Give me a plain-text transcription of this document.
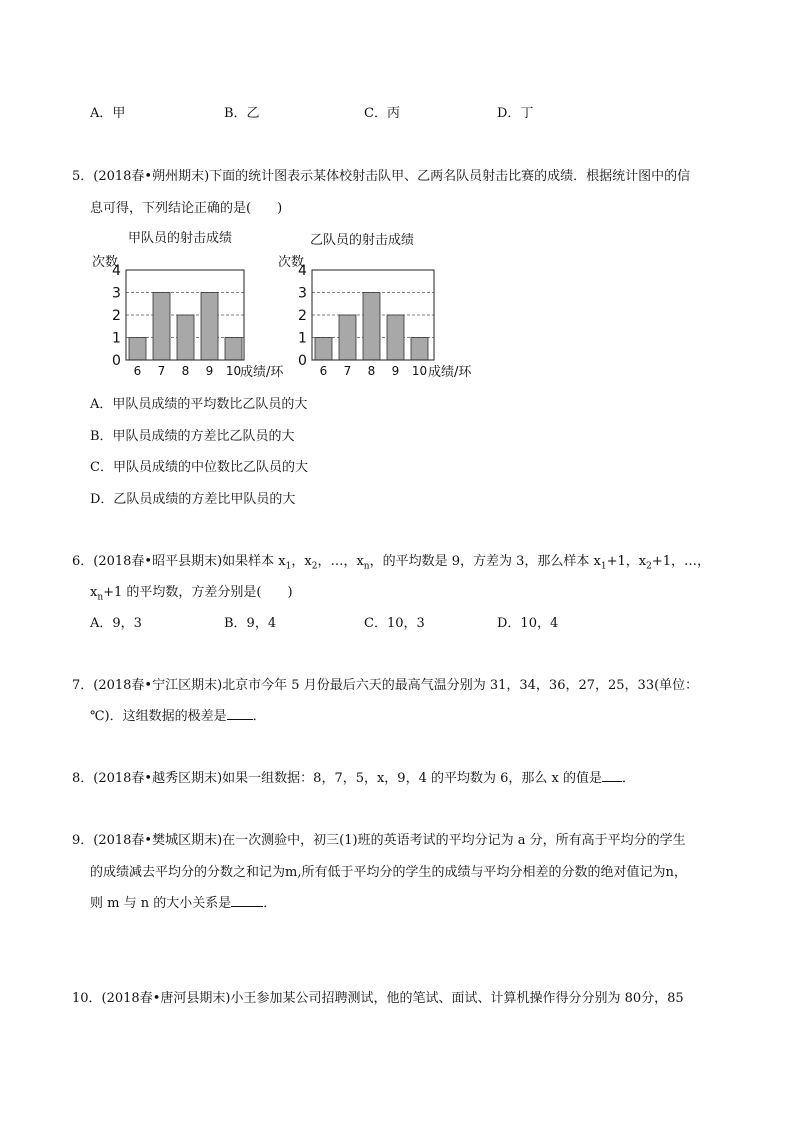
A．甲	B．乙	C．丙	D．丁
5．(2018春•朔州期末)下面的统计图表示某体校射击队甲、乙两名队员射击比赛的成绩．根据统计图中的信
息可得，下列结论正确的是(　　)
甲队员的射击成绩
次数
0
1
2
3
4
6 7 8 9 10
成绩/环
乙队员的射击成绩
次数
0
1
2
3
4
6 7 8 9 10 成绩/环
A．甲队员成绩的平均数比乙队员的大
B．甲队员成绩的方差比乙队员的大
C．甲队员成绩的中位数比乙队员的大
D．乙队员成绩的方差比甲队员的大
6．(2018春•昭平县期末)如果样本 $x_1$，$x_2$，…，$x_n$，的平均数是 9，方差为 3，那么样本 $x_1+1$，$x_2+1$，…，
$x_n+1$ 的平均数，方差分别是(　　)
A．9，3	B．9，4	C．10，3	D．10，4
7．(2018春•宁江区期末)北京市今年 5 月份最后六天的最高气温分别为 31，34，36，27，25，33(单位：
℃)．这组数据的极差是 ．
8．(2018春•越秀区期末)如果一组数据：8，7，5，x，9，4 的平均数为 6，那么 x 的值是 ．
9．(2018春•樊城区期末)在一次测验中，初三(1)班的英语考试的平均分记为 a 分，所有高于平均分的学生
的成绩减去平均分的分数之和记为m,所有低于平均分的学生的成绩与平均分相差的分数的绝对值记为n，
则 m 与 n 的大小关系是 ．
10．(2018春•唐河县期末)小王参加某公司招聘测试，他的笔试、面试、计算机操作得分分别为 80分，85
